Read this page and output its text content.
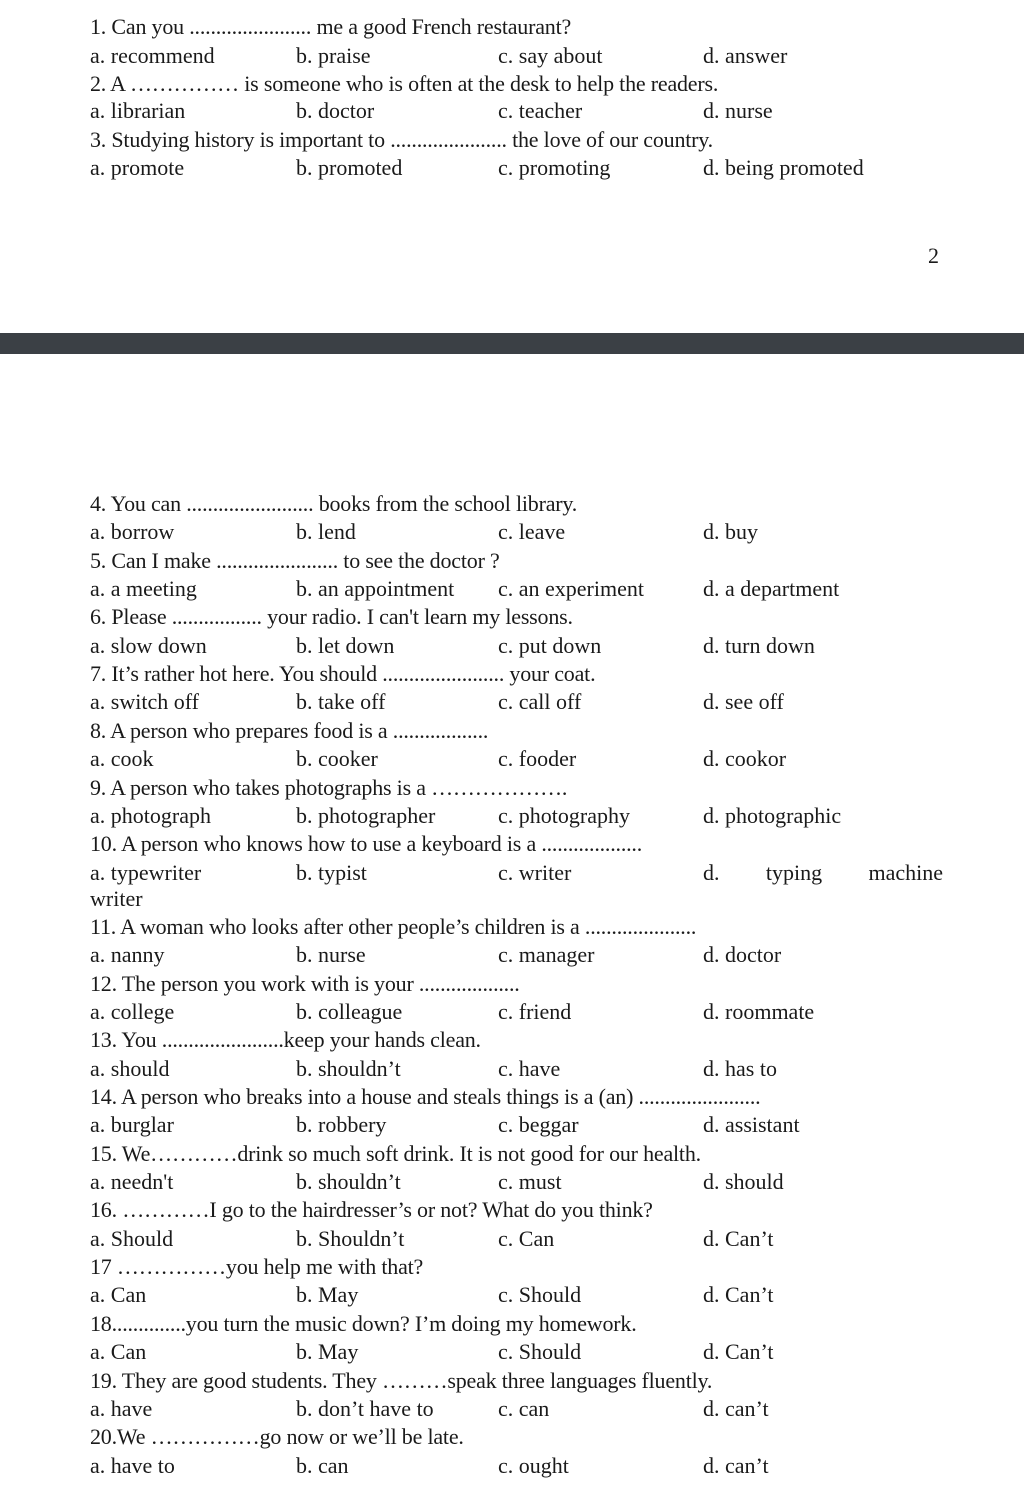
1. Can you ....................... me a good French restaurant?
a. recommend	b. praise	c. say about	d. answer
2. A …………… is someone who is often at the desk to help the readers.
a. librarian	b. doctor	c. teacher	d. nurse
3. Studying history is important to ...................... the love of our country.
a. promote	b. promoted	c. promoting	d. being promoted
2
4. You can ........................ books from the school library.
a. borrow	b. lend	c. leave	d. buy
5. Can I make ....................... to see the doctor ?
a. a meeting	b. an appointment c. an experiment	d. a department
6. Please ................. your radio. I can't learn my lessons.
a. slow down	b. let down	c. put down	d. turn down
7. It’s rather hot here. You should ....................... your coat.
a. switch off	b. take off	c. call off	d. see off
8. A person who prepares food is a ..................
a. cook	b. cooker	c. fooder	d. cookor
9. A person who takes photographs is a ……………….
a. photograph	b. photographer	c. photography	d. photographic
10. A person who knows how to use a keyboard is a ...................
a. typewriter	b. typist	c. writer	d. typing machine
writer
11. A woman who looks after other people’s children is a .....................
a. nanny	b. nurse	c. manager	d. doctor
12. The person you work with is your ...................
a. college	b. colleague	c. friend	d. roommate
13. You .......................keep your hands clean.
a. should	b. shouldn’t	c. have	d. has to
14. A person who breaks into a house and steals things is a (an) .......................
a. burglar	b. robbery	c. beggar	d. assistant
15. We…………drink so much soft drink. It is not good for our health.
a. needn't	b. shouldn’t	c. must	d. should
16. …………I go to the hairdresser’s or not? What do you think?
a. Should	b. Shouldn’t	c. Can	d. Can’t
17 ……………you help me with that?
a. Can	b. May	c. Should	d. Can’t
18..............you turn the music down? I’m doing my homework.
a. Can	b. May	c. Should	d. Can’t
19. They are good students. They ………speak three languages fluently.
a. have	b. don’t have to	c. can	d. can’t
20.We ……………go now or we’ll be late.
a. have to	b. can	c. ought	d. can’t
